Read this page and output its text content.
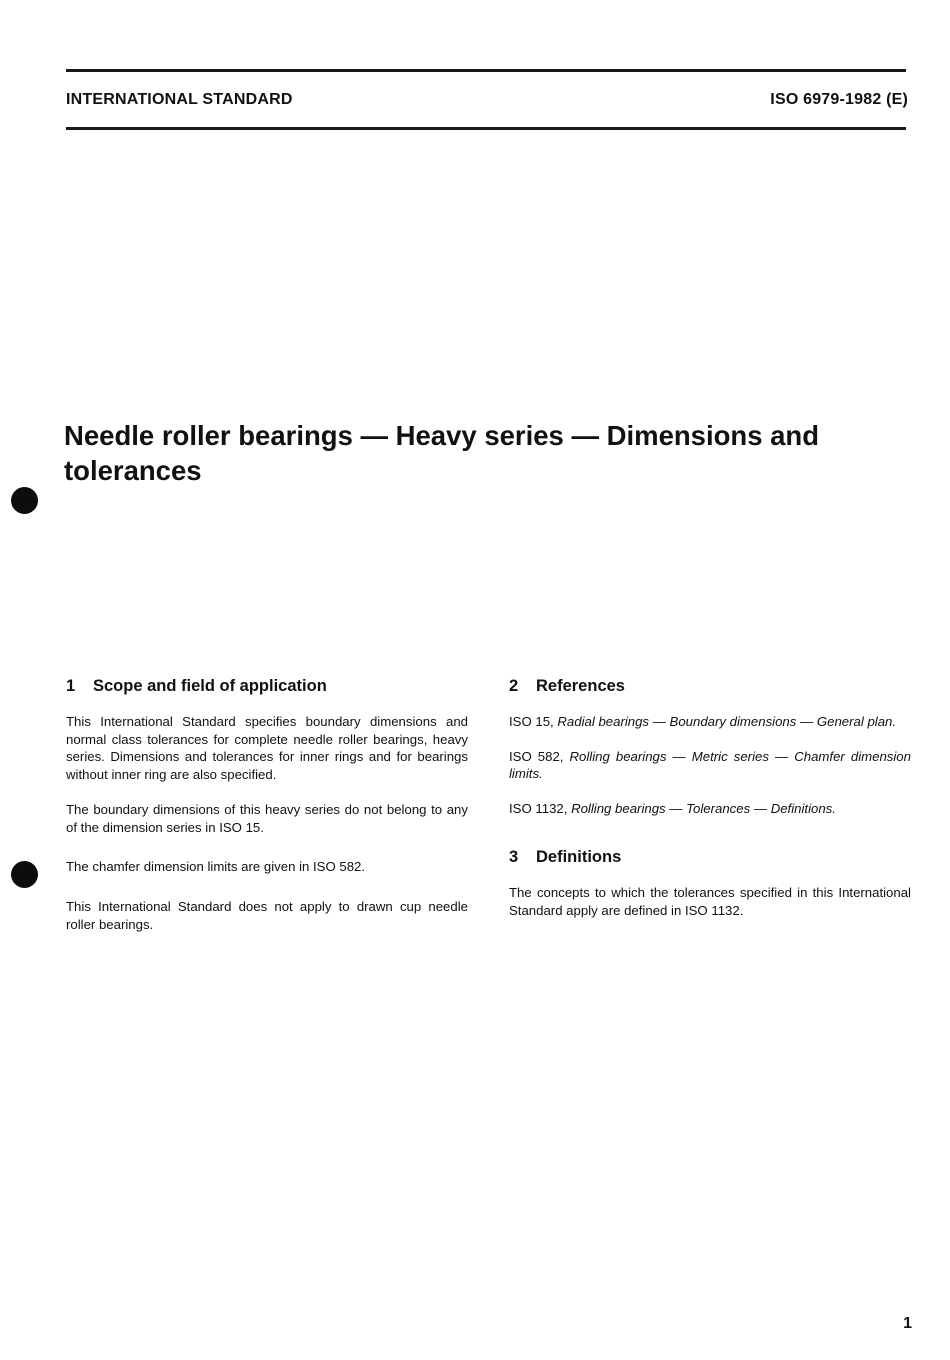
INTERNATIONAL STANDARD	ISO 6979-1982 (E)
Needle roller bearings — Heavy series — Dimensions and
tolerances
1 Scope and field of application

This International Standard specifies boundary dimensions and normal class tolerances for complete needle roller bearings, heavy series. Dimensions and tolerances for inner rings and for bearings without inner ring are also specified.

The boundary dimensions of this heavy series do not belong to any of the dimension series in ISO 15.

The chamfer dimension limits are given in ISO 582.

This International Standard does not apply to drawn cup needle roller bearings.

2 References

ISO 15, Radial bearings — Boundary dimensions — General plan.

ISO 582, Rolling bearings — Metric series — Chamfer dimension limits.

ISO 1132, Rolling bearings — Tolerances — Definitions.

3 Definitions

The concepts to which the tolerances specified in this International Standard apply are defined in ISO 1132.

1
